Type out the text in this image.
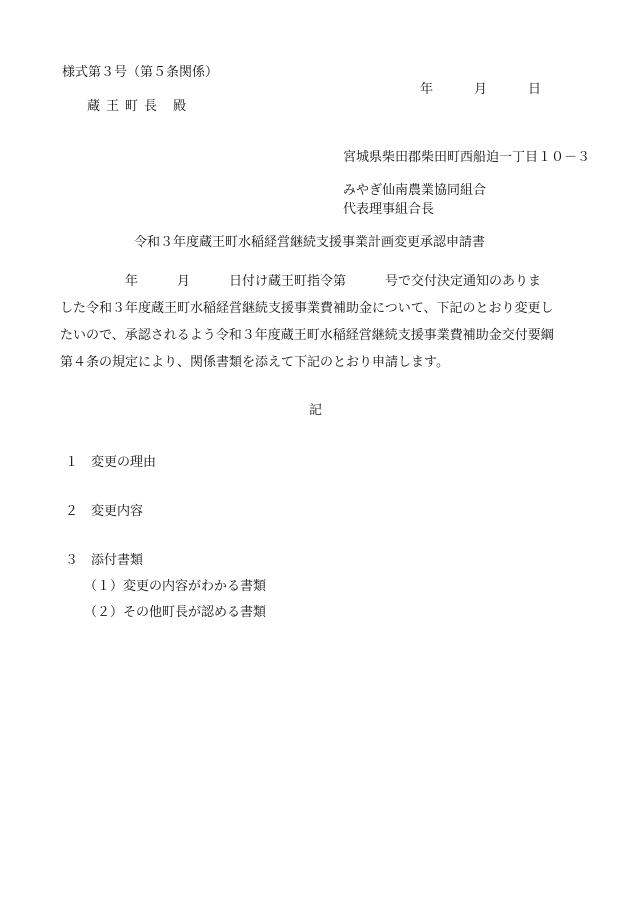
様式第３号（第５条関係）
年	月	日
蔵王町長 殿
宮城県柴田郡柴田町西船迫一丁目１０－３
みやぎ仙南農業協同組合
代表理事組合長
令和３年度蔵王町水稲経営継続支援事業計画変更承認申請書
　　　　　年　　　月　　　日付け蔵王町指令第　　　号で交付決定通知のありま
した令和３年度蔵王町水稲経営継続支援事業費補助金について、下記のとおり変更し
たいので、承認されるよう令和３年度蔵王町水稲経営継続支援事業費補助金交付要綱
第４条の規定により、関係書類を添えて下記のとおり申請します。
記
１　変更の理由
２　変更内容
３　添付書類
（１）変更の内容がわかる書類
（２）その他町長が認める書類
